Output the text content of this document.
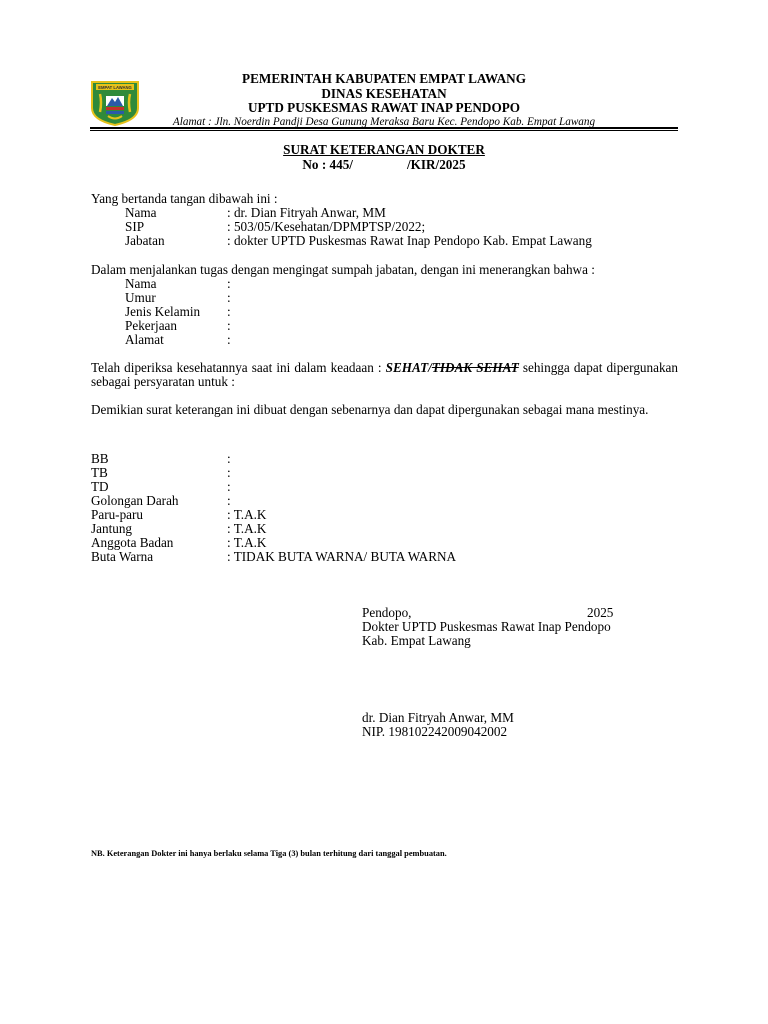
EMPAT LAWANG
PEMERINTAH KABUPATEN EMPAT LAWANG
DINAS KESEHATAN
UPTD PUSKESMAS RAWAT INAP PENDOPO
Alamat : Jln. Noerdin Pandji Desa Gunung Meraksa Baru Kec. Pendopo Kab. Empat Lawang
SURAT KETERANGAN DOKTER
No : 445/	/KIR/2025
Yang bertanda tangan dibawah ini :
Nama	: dr. Dian Fitryah Anwar, MM
SIP	: 503/05/Kesehatan/DPMPTSP/2022;
Jabatan	: dokter UPTD Puskesmas Rawat Inap Pendopo Kab. Empat Lawang
Dalam menjalankan tugas dengan mengingat sumpah jabatan, dengan ini menerangkan bahwa :
Nama	:
Umur	:
Jenis Kelamin :
Pekerjaan	:
Alamat	:
Telah diperiksa kesehatannya saat ini dalam keadaan : SEHAT/TIDAK SEHAT sehingga dapat dipergunakan sebagai persyaratan untuk :
Demikian surat keterangan ini dibuat dengan sebenarnya dan dapat dipergunakan sebagai mana mestinya.
BB	:
TB	:
TD	:
Golongan Darah	:
Paru-paru	: T.A.K
Jantung	: T.A.K
Anggota Badan	: T.A.K
Buta Warna	: TIDAK BUTA WARNA/ BUTA WARNA
Pendopo,	2025
Dokter UPTD Puskesmas Rawat Inap Pendopo
Kab. Empat Lawang
dr. Dian Fitryah Anwar, MM
NIP. 198102242009042002
NB. Keterangan Dokter ini hanya berlaku selama Tiga (3) bulan terhitung dari tanggal pembuatan.
